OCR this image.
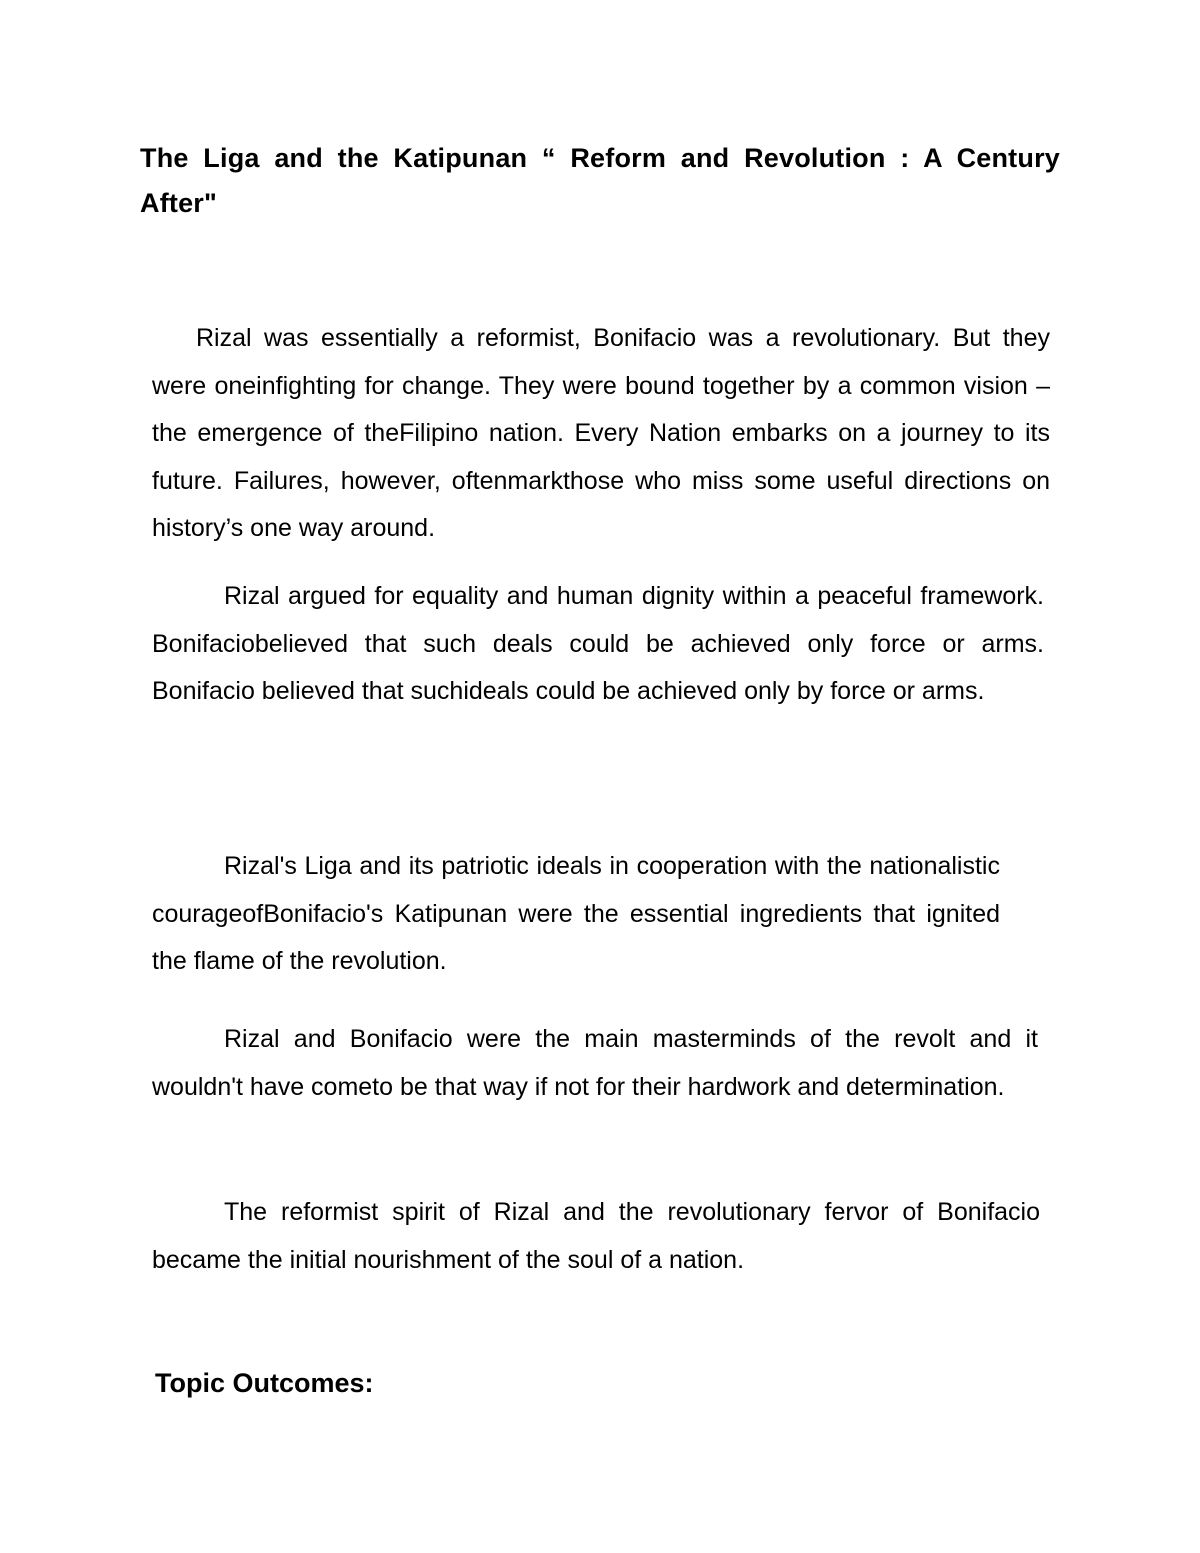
The Liga and the Katipunan “ Reform and Revolution : A Century After"

Rizal was essentially a reformist, Bonifacio was a revolutionary. But they were oneinfighting for change. They were bound together by a common vision – the emergence of theFilipino nation. Every Nation embarks on a journey to its future. Failures, however, oftenmarkthose who miss some useful directions on history’s one way around.

Rizal argued for equality and human dignity within a peaceful framework. Bonifaciobelieved that such deals could be achieved only force or arms. Bonifacio believed that suchideals could be achieved only by force or arms.

Rizal's Liga and its patriotic ideals in cooperation with the nationalistic courageofBonifacio's Katipunan were the essential ingredients that ignited the flame of the revolution.

Rizal and Bonifacio were the main masterminds of the revolt and it wouldn't have cometo be that way if not for their hardwork and determination.

The reformist spirit of Rizal and the revolutionary fervor of Bonifacio became the initial nourishment of the soul of a nation.

Topic Outcomes:
